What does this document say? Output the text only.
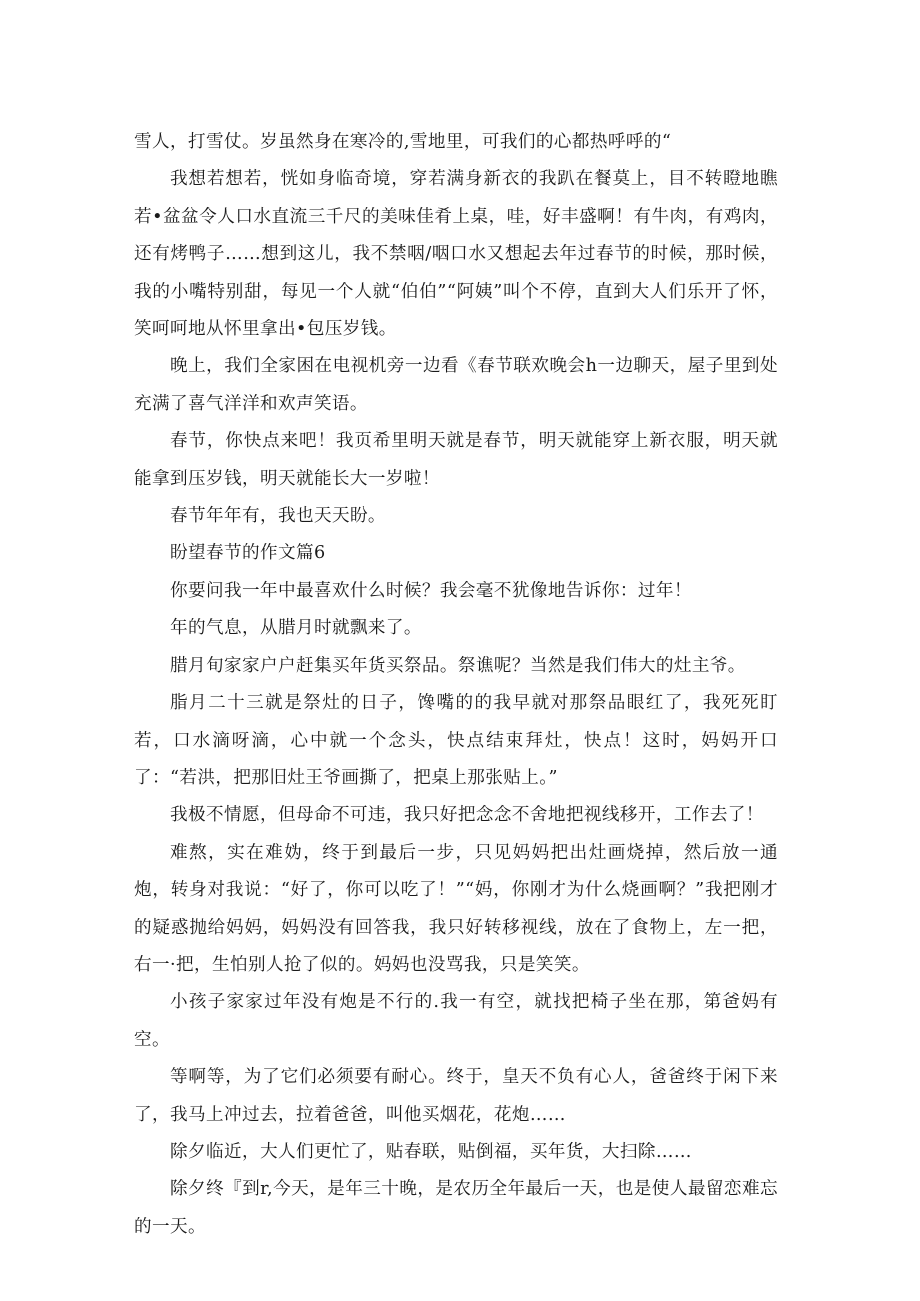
雪人，打雪仗。岁虽然身在寒冷的,雪地里，可我们的心都热呼呼的“

我想若想若，恍如身临奇境，穿若满身新衣的我趴在餐莫上，目不转瞪地瞧若•盆盆令人口水直流三千尺的美味佳肴上桌，哇，好丰盛啊！有牛肉，有鸡肉，还有烤鸭子……想到这儿，我不禁咽/咽口水又想起去年过春节的时候，那时候，我的小嘴特别甜，每见一个人就“伯伯”“阿姨”叫个不停，直到大人们乐开了怀，笑呵呵地从怀里拿出•包压岁钱。

晚上，我们全家困在电视机旁一边看《春节联欢晚会h一边聊天，屋子里到处充满了喜气洋洋和欢声笑语。

春节，你快点来吧！我页希里明天就是春节，明天就能穿上新衣服，明天就能拿到压岁钱，明天就能长大一岁啦！

春节年年有，我也天天盼。

盼望春节的作文篇6

你要问我一年中最喜欢什么时候？我会毫不犹像地告诉你：过年！

年的气息，从腊月时就飘来了。

腊月旬家家户户赶集买年货买祭品。祭谯呢？当然是我们伟大的灶主爷。

脂月二十三就是祭灶的日子，馋嘴的的我早就对那祭品眼红了，我死死盯若，口水滴呀滴，心中就一个念头，快点结束拜灶，快点！这时，妈妈开口了：“若洪，把那旧灶王爷画撕了，把桌上那张贴上。”

我极不情愿，但母命不可违，我只好把念念不舍地把视线移开，工作去了！

难熬，实在难妫，终于到最后一步，只见妈妈把出灶画烧掉，然后放一通炮，转身对我说：“好了，你可以吃了！”“妈，你刚才为什么烧画啊？”我把刚才的疑惑抛给妈妈，妈妈没有回答我，我只好转移视线，放在了食物上，左一把，右一·把，生怕别人抢了似的。妈妈也没骂我，只是笑笑。

小孩子家家过年没有炮是不行的.我一有空，就找把椅子坐在那，第爸妈有空。

等啊等，为了它们必须要有耐心。终于，皇天不负有心人，爸爸终于闲下来了，我马上冲过去，拉着爸爸，叫他买烟花，花炮……

除夕临近，大人们更忙了，贴春联，贴倒福，买年货，大扫除……

除夕终『到r,今天，是年三十晚，是农历全年最后一天，也是使人最留恋难忘的一天。
